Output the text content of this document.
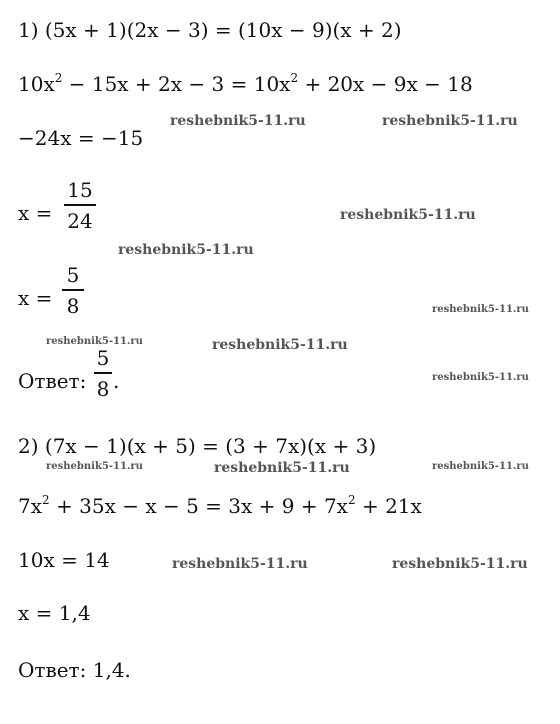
1) (5x + 1)(2x − 3) = (10x − 9)(x + 2)
$10x^2 - 15x + 2x - 3 = 10x^2 + 20x - 9x - 18$
−24x = −15
x =
15
24
x =
5
8
Ответ:
5
8 .
2) (7x − 1)(x + 5) = (3 + 7x)(x + 3)
$7x^2 + 35x - x - 5 = 3x + 9 + 7x^2 + 21x$
10x = 14
x = 1,4
Ответ: 1,4.
reshebnik5-11.ru	reshebnik5-11.ru
reshebnik5-11.ru
reshebnik5-11.ru
reshebnik5-11.ru
reshebnik5-11.ru	reshebnik5-11.ru
reshebnik5-11.ru
reshebnik5-11.ru	reshebnik5-11.ru	reshebnik5-11.ru
reshebnik5-11.ru	reshebnik5-11.ru
